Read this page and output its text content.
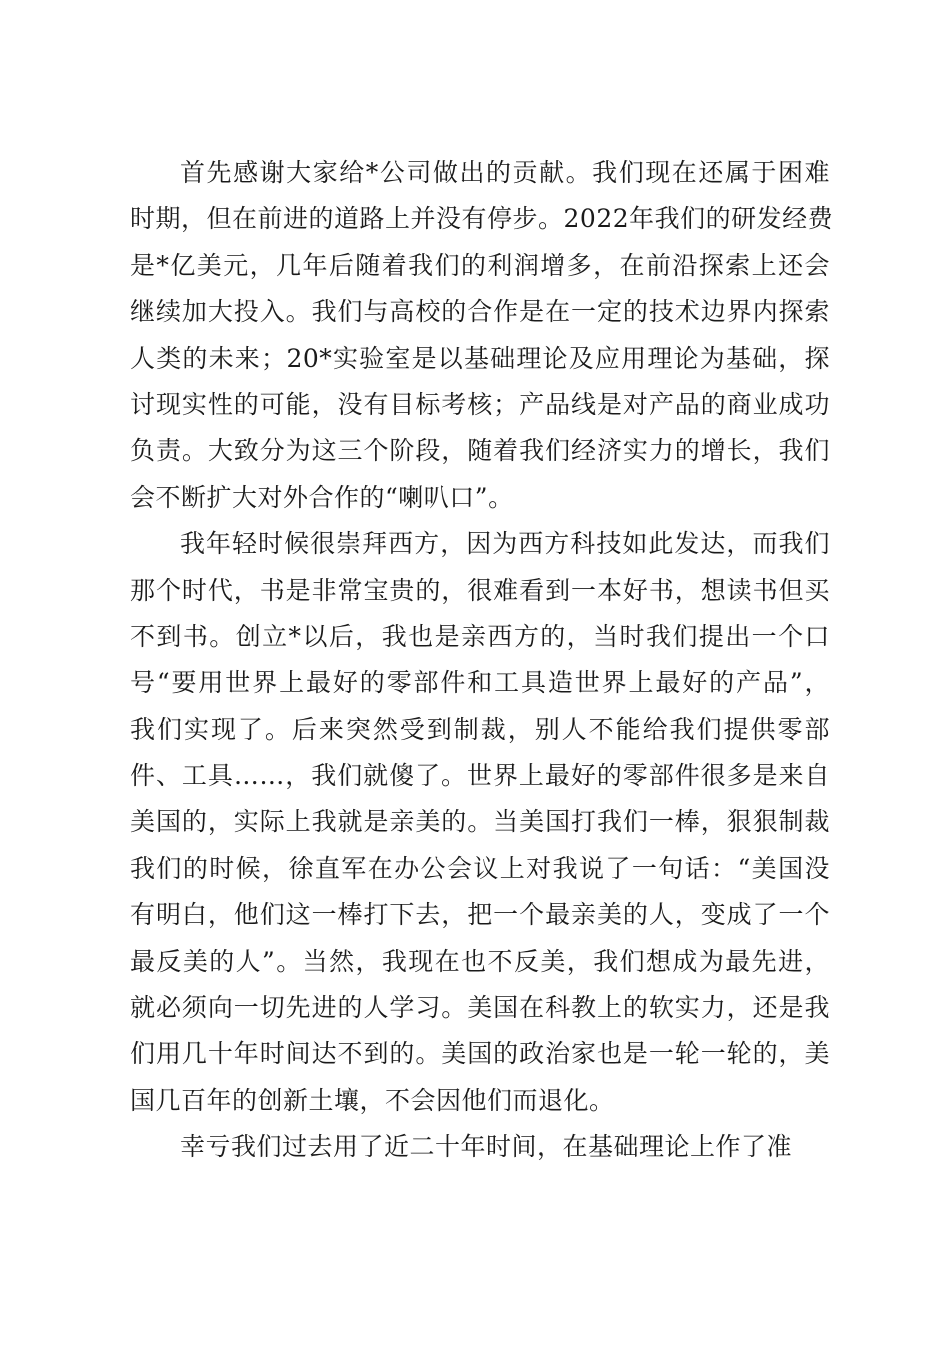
首先感谢大家给*公司做出的贡献。我们现在还属于困难
时期，但在前进的道路上并没有停步。2022年我们的研发经费
是*亿美元，几年后随着我们的利润增多，在前沿探索上还会
继续加大投入。我们与高校的合作是在一定的技术边界内探索
人类的未来；20*实验室是以基础理论及应用理论为基础，探
讨现实性的可能，没有目标考核；产品线是对产品的商业成功
负责。大致分为这三个阶段，随着我们经济实力的增长，我们
会不断扩大对外合作的“喇叭口”。
我年轻时候很崇拜西方，因为西方科技如此发达，而我们
那个时代，书是非常宝贵的，很难看到一本好书，想读书但买
不到书。创立*以后，我也是亲西方的，当时我们提出一个口
号“要用世界上最好的零部件和工具造世界上最好的产品”，
我们实现了。后来突然受到制裁，别人不能给我们提供零部
件、工具……，我们就傻了。世界上最好的零部件很多是来自
美国的，实际上我就是亲美的。当美国打我们一棒，狠狠制裁
我们的时候，徐直军在办公会议上对我说了一句话：“美国没
有明白，他们这一棒打下去，把一个最亲美的人，变成了一个
最反美的人”。当然，我现在也不反美，我们想成为最先进，
就必须向一切先进的人学习。美国在科教上的软实力，还是我
们用几十年时间达不到的。美国的政治家也是一轮一轮的，美
国几百年的创新土壤，不会因他们而退化。
幸亏我们过去用了近二十年时间，在基础理论上作了准
